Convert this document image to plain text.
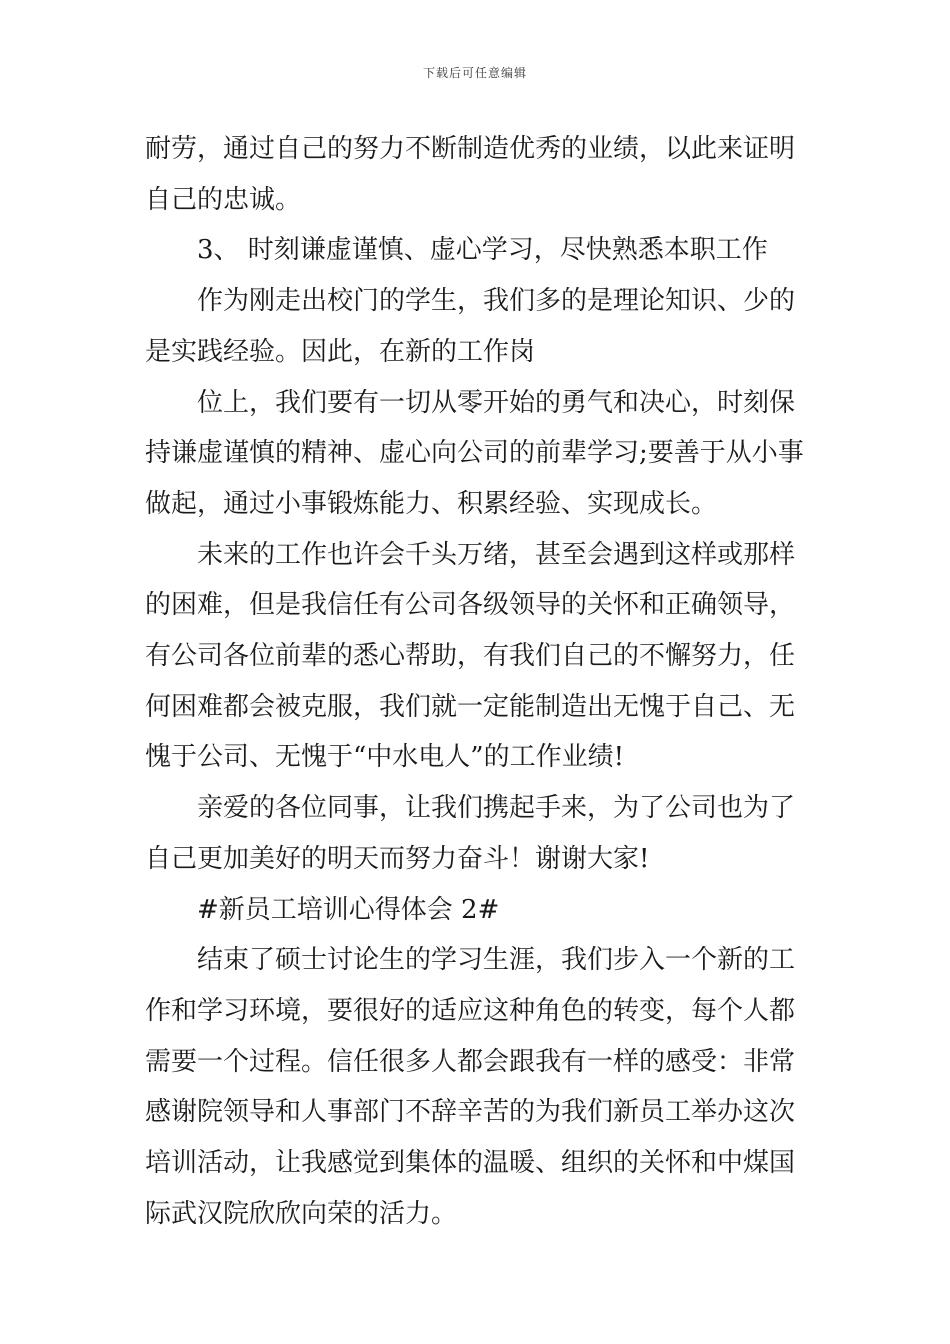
下载后可任意编辑

耐劳，通过自己的努力不断制造优秀的业绩，以此来证明

自己的忠诚。

3、 时刻谦虚谨慎、虚心学习，尽快熟悉本职工作

作为刚走出校门的学生，我们多的是理论知识、少的

是实践经验。因此，在新的工作岗

位上，我们要有一切从零开始的勇气和决心，时刻保

持谦虚谨慎的精神、虚心向公司的前辈学习;要善于从小事

做起，通过小事锻炼能力、积累经验、实现成长。

未来的工作也许会千头万绪，甚至会遇到这样或那样

的困难，但是我信任有公司各级领导的关怀和正确领导，

有公司各位前辈的悉心帮助，有我们自己的不懈努力，任

何困难都会被克服，我们就一定能制造出无愧于自己、无

愧于公司、无愧于“中水电人”的工作业绩!

亲爱的各位同事，让我们携起手来，为了公司也为了

自己更加美好的明天而努力奋斗！谢谢大家!

#新员工培训心得体会 2#

结束了硕士讨论生的学习生涯，我们步入一个新的工

作和学习环境，要很好的适应这种角色的转变，每个人都

需要一个过程。信任很多人都会跟我有一样的感受：非常

感谢院领导和人事部门不辞辛苦的为我们新员工举办这次

培训活动，让我感觉到集体的温暖、组织的关怀和中煤国

际武汉院欣欣向荣的活力。
